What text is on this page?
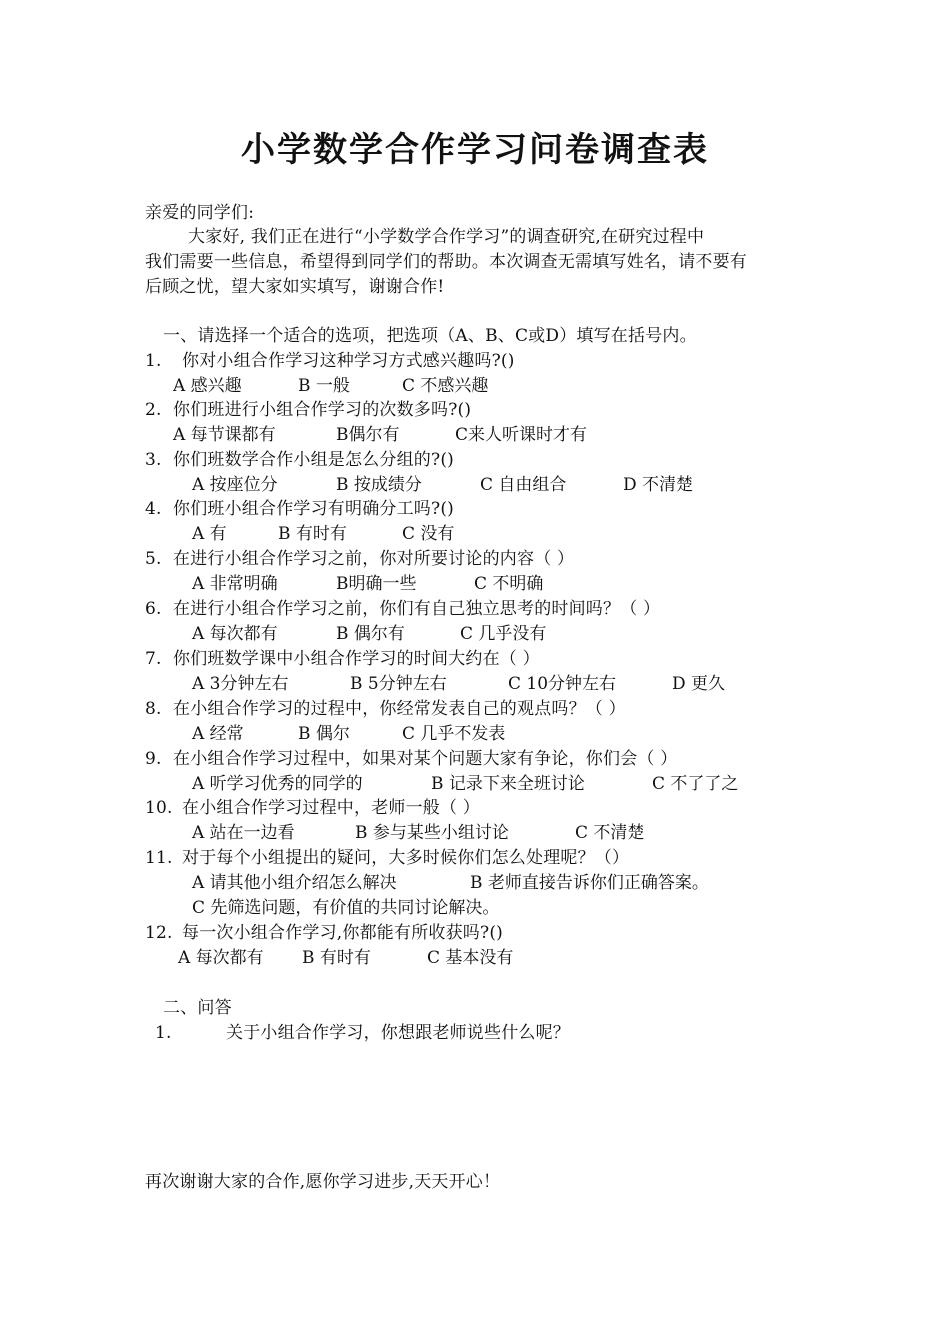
小学数学合作学习问卷调查表
亲爱的同学们:
大家好, 我们正在进行“小学数学合作学习”的调查研究,在研究过程中
我们需要一些信息，希望得到同学们的帮助。本次调查无需填写姓名，请不要有
后顾之忧，望大家如实填写，谢谢合作!
一、请选择一个适合的选项，把选项（A、B、C或D）填写在括号内。
1. 你对小组合作学习这种学习方式感兴趣吗?()
A 感兴趣	B 一般	C 不感兴趣
2. 你们班进行小组合作学习的次数多吗?()
A 每节课都有	B偶尔有	C来人听课时才有
3. 你们班数学合作小组是怎么分组的?()
A 按座位分	B 按成绩分	C 自由组合	D 不清楚
4. 你们班小组合作学习有明确分工吗?()
A 有	B 有时有	C 没有
5. 在进行小组合作学习之前，你对所要讨论的内容（ ）
A 非常明确	B明确一些	C 不明确
6. 在进行小组合作学习之前，你们有自己独立思考的时间吗？（ ）
A 每次都有	B 偶尔有	C 几乎没有
7. 你们班数学课中小组合作学习的时间大约在（ ）
A 3分钟左右	B 5分钟左右	C 10分钟左右	D 更久
8. 在小组合作学习的过程中，你经常发表自己的观点吗？（ ）
A 经常	B 偶尔	C 几乎不发表
9. 在小组合作学习过程中，如果对某个问题大家有争论，你们会（ ）
A 听学习优秀的同学的	B 记录下来全班讨论	C 不了了之
10. 在小组合作学习过程中，老师一般（ ）
A 站在一边看	B 参与某些小组讨论	C 不清楚
11. 对于每个小组提出的疑问，大多时候你们怎么处理呢？（）
A 请其他小组介绍怎么解决	B 老师直接告诉你们正确答案。
C 先筛选问题，有价值的共同讨论解决。
12. 每一次小组合作学习,你都能有所收获吗?()
A 每次都有 B 有时有	C 基本没有
二、问答
1.	关于小组合作学习，你想跟老师说些什么呢？
再次谢谢大家的合作,愿你学习进步,天天开心！
